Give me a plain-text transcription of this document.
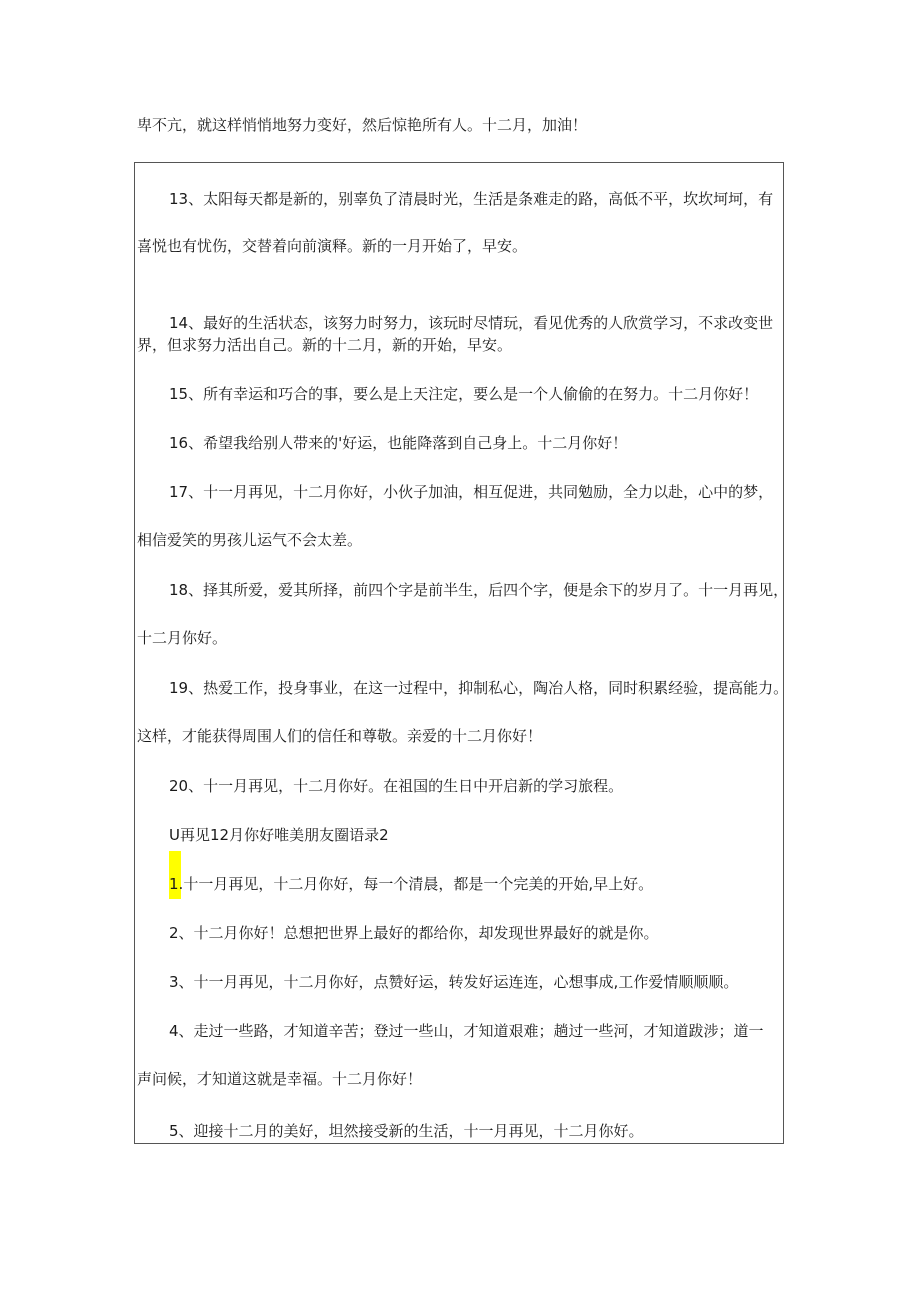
卑不亢，就这样悄悄地努力变好，然后惊艳所有人。十二月，加油！
13、太阳每天都是新的，别辜负了清晨时光，生活是条难走的路，高低不平，坎坎坷坷，有
喜悦也有忧伤，交替着向前演释。新的一月开始了，早安。
14、最好的生活状态，该努力时努力，该玩时尽情玩，看见优秀的人欣赏学习，不求改变世
界，但求努力活出自己。新的十二月，新的开始，早安。
15、所有幸运和巧合的事，要么是上天注定，要么是一个人偷偷的在努力。十二月你好！
16、希望我给别人带来的'好运，也能降落到自己身上。十二月你好！
17、十一月再见，十二月你好，小伙子加油，相互促进，共同勉励，全力以赴，心中的梦，
相信爱笑的男孩儿运气不会太差。
18、择其所爱，爱其所择，前四个字是前半生，后四个字，便是余下的岁月了。十一月再见，
十二月你好。
19、热爱工作，投身事业，在这一过程中，抑制私心，陶冶人格，同时积累经验，提高能力。
这样，才能获得周围人们的信任和尊敬。亲爱的十二月你好！
20、十一月再见，十二月你好。在祖国的生日中开启新的学习旅程。
U再见12月你好唯美朋友圈语录2
1.十一月再见，十二月你好，每一个清晨，都是一个完美的开始,早上好。
2、十二月你好！总想把世界上最好的都给你，却发现世界最好的就是你。
3、十一月再见，十二月你好，点赞好运，转发好运连连，心想事成,工作爱情顺顺顺。
4、走过一些路，才知道辛苦；登过一些山，才知道艰难；趟过一些河，才知道跋涉；道一
声问候，才知道这就是幸福。十二月你好！
5、迎接十二月的美好，坦然接受新的生活，十一月再见，十二月你好。
